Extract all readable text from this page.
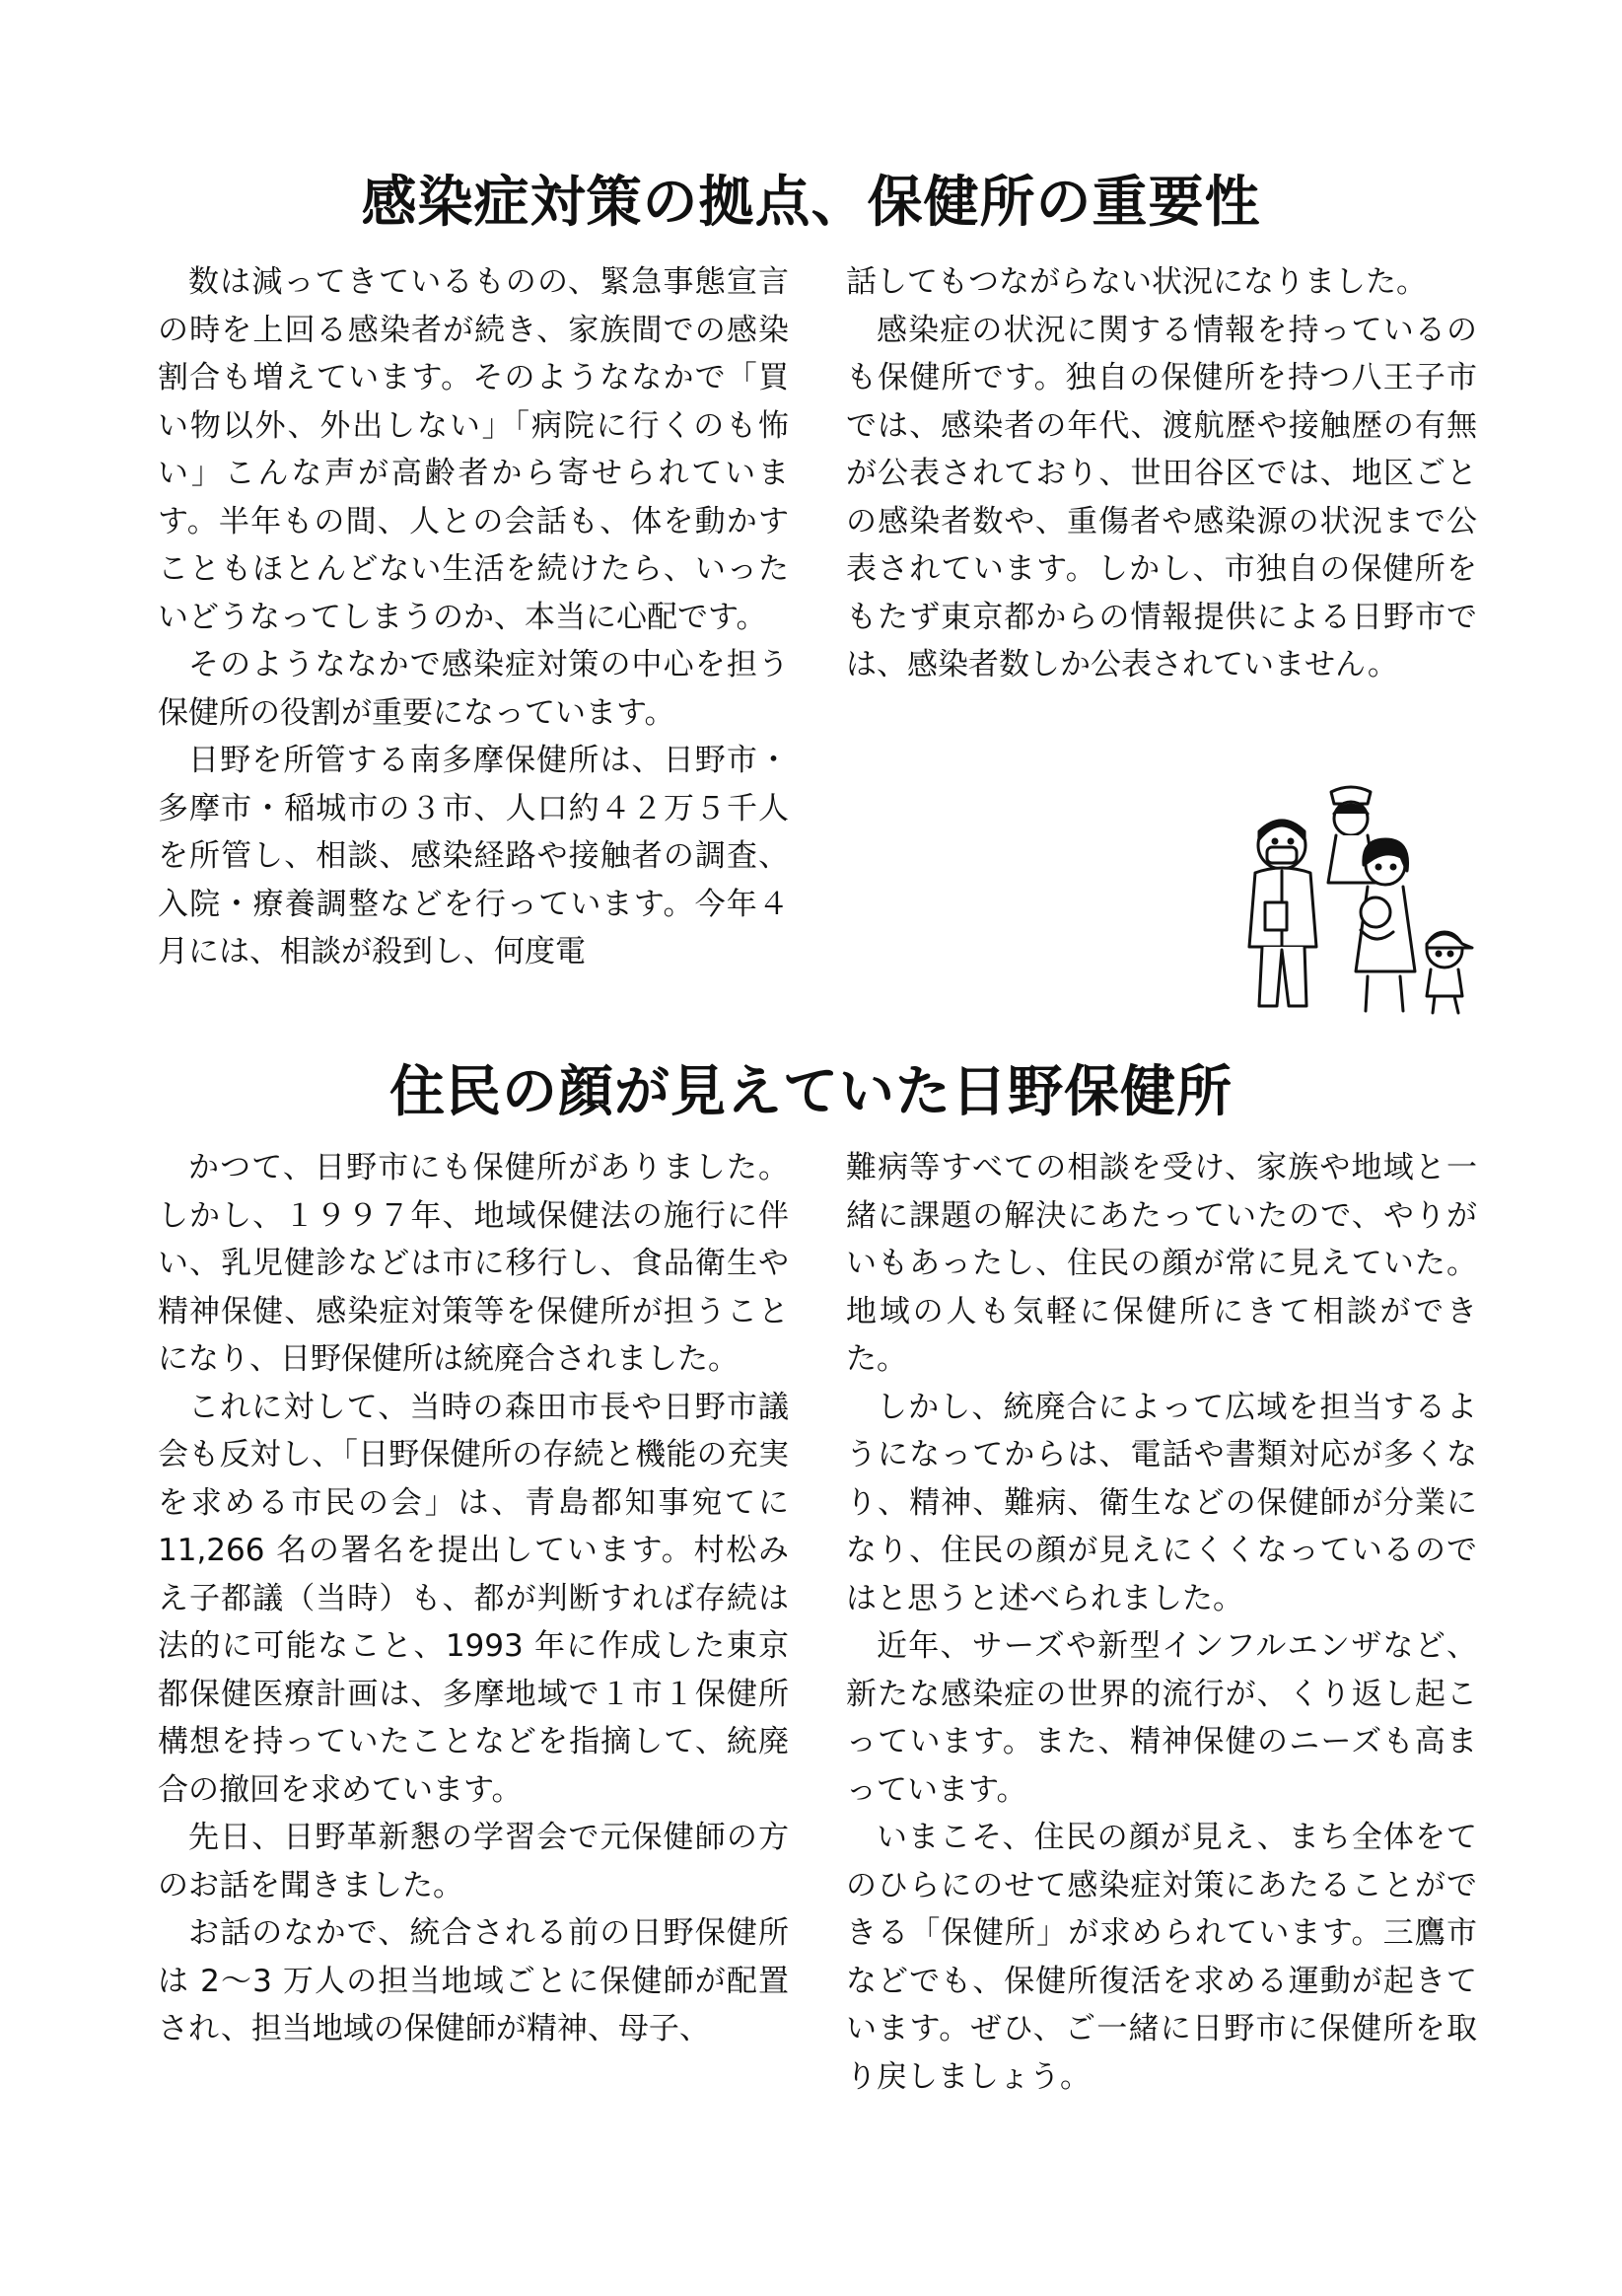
感染症対策の拠点、保健所の重要性

数は減ってきているものの、緊急事態宣言の時を上回る感染者が続き、家族間での感染割合も増えています。そのようななかで「買い物以外、外出しない」「病院に行くのも怖い」こんな声が高齢者から寄せられています。半年もの間、人との会話も、体を動かすこともほとんどない生活を続けたら、いったいどうなってしまうのか、本当に心配です。

そのようななかで感染症対策の中心を担う保健所の役割が重要になっています。

日野を所管する南多摩保健所は、日野市・多摩市・稲城市の３市、人口約４２万５千人を所管し、相談、感染経路や接触者の調査、入院・療養調整などを行っています。今年４月には、相談が殺到し、何度電

話してもつながらない状況になりました。

感染症の状況に関する情報を持っているのも保健所です。独自の保健所を持つ八王子市では、感染者の年代、渡航歴や接触歴の有無が公表されており、世田谷区では、地区ごとの感染者数や、重傷者や感染源の状況まで公表されています。しかし、市独自の保健所をもたず東京都からの情報提供による日野市では、感染者数しか公表されていません。

住民の顔が見えていた日野保健所

かつて、日野市にも保健所がありました。しかし、１９９７年、地域保健法の施行に伴い、乳児健診などは市に移行し、食品衛生や精神保健、感染症対策等を保健所が担うことになり、日野保健所は統廃合されました。

これに対して、当時の森田市長や日野市議会も反対し、「日野保健所の存続と機能の充実を求める市民の会」は、青島都知事宛てに 11,266 名の署名を提出しています。村松みえ子都議（当時）も、都が判断すれば存続は法的に可能なこと、1993 年に作成した東京都保健医療計画は、多摩地域で１市１保健所構想を持っていたことなどを指摘して、統廃合の撤回を求めています。

先日、日野革新懇の学習会で元保健師の方のお話を聞きました。

お話のなかで、統合される前の日野保健所は 2～3 万人の担当地域ごとに保健師が配置され、担当地域の保健師が精神、母子、

難病等すべての相談を受け、家族や地域と一緒に課題の解決にあたっていたので、やりがいもあったし、住民の顔が常に見えていた。地域の人も気軽に保健所にきて相談ができた。

しかし、統廃合によって広域を担当するようになってからは、電話や書類対応が多くなり、精神、難病、衛生などの保健師が分業になり、住民の顔が見えにくくなっているのではと思うと述べられました。

近年、サーズや新型インフルエンザなど、新たな感染症の世界的流行が、くり返し起こっています。また、精神保健のニーズも高まっています。

いまこそ、住民の顔が見え、まち全体をてのひらにのせて感染症対策にあたることができる「保健所」が求められています。三鷹市などでも、保健所復活を求める運動が起きています。ぜひ、ご一緒に日野市に保健所を取り戻しましょう。
